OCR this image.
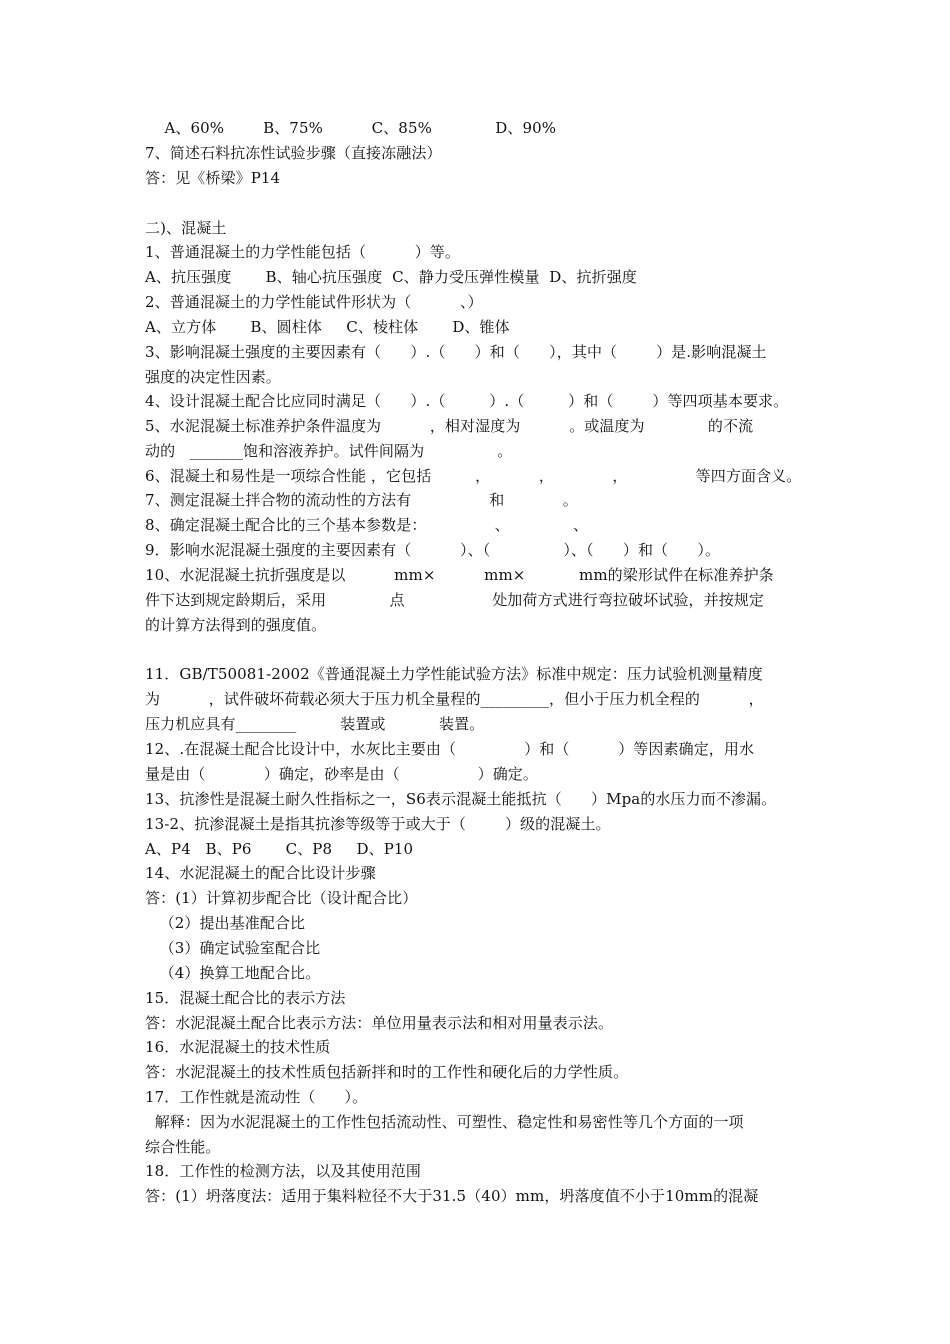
A、60%        B、75%          C、85%             D、90%
7、简述石料抗冻性试验步骤（直接冻融法）
答：见《桥梁》P14
二)、混凝土
1、普通混凝土的力学性能包括（          ）等。
A、抗压强度       B、轴心抗压强度  C、静力受压弹性模量  D、抗折强度
2、普通混凝土的力学性能试件形状为（          、）
A、立方体       B、圆柱体     C、棱柱体       D、锥体
3、影响混凝土强度的主要因素有（      ）.（      ）和（      ），其中（        ）是.影响混凝土
强度的决定性因素。
4、设计混凝土配合比应同时满足（      ）.（         ）.（         ）和（        ）等四项基本要求。
5、水泥混凝土标准养护条件温度为          ，相对湿度为          。或温度为             的不流
动的   _______饱和溶液养护。试件间隔为               。
6、混凝土和易性是一项综合性能 ，它包括         ，          ，            ，              等四方面含义。
7、测定混凝土拌合物的流动性的方法有                和            。
8、确定混凝土配合比的三个基本参数是：              、             、
9．影响水泥混凝土强度的主要因素有（          ）、（               ）、（      ）和（      ）。
10、水泥混凝土抗折强度是以          mm×          mm×           mm的梁形试件在标准养护条
件下达到规定龄期后，采用             点                  处加荷方式进行弯拉破坏试验，并按规定
的计算方法得到的强度值。
11．GB/T50081-2002《普通混凝土力学性能试验方法》标准中规定：压力试验机测量精度
为          ，试件破坏荷载必须大于压力机全量程的_________，但小于压力机全程的          ，
压力机应具有________         装置或           装置。
12、.在混凝土配合比设计中，水灰比主要由（              ）和（          ）等因素确定，用水
量是由（            ）确定，砂率是由（                ）确定。
13、抗渗性是混凝土耐久性指标之一，S6表示混凝土能抵抗（      ）Mpa的水压力而不渗漏。
13-2、抗渗混凝土是指其抗渗等级等于或大于（        ）级的混凝土。
A、P4   B、P6       C、P8     D、P10
14、水泥混凝土的配合比设计步骤
答：(1）计算初步配合比（设计配合比）
（2）提出基准配合比
（3）确定试验室配合比
（4）换算工地配合比。
15．混凝土配合比的表示方法
答：水泥混凝土配合比表示方法：单位用量表示法和相对用量表示法。
16．水泥混凝土的技术性质
答：水泥混凝土的技术性质包括新拌和时的工作性和硬化后的力学性质。
17．工作性就是流动性（      ）。
解释：因为水泥混凝土的工作性包括流动性、可塑性、稳定性和易密性等几个方面的一项
综合性能。
18．工作性的检测方法，以及其使用范围
答：(1）坍落度法：适用于集料粒径不大于31.5（40）mm，坍落度值不小于10mm的混凝
